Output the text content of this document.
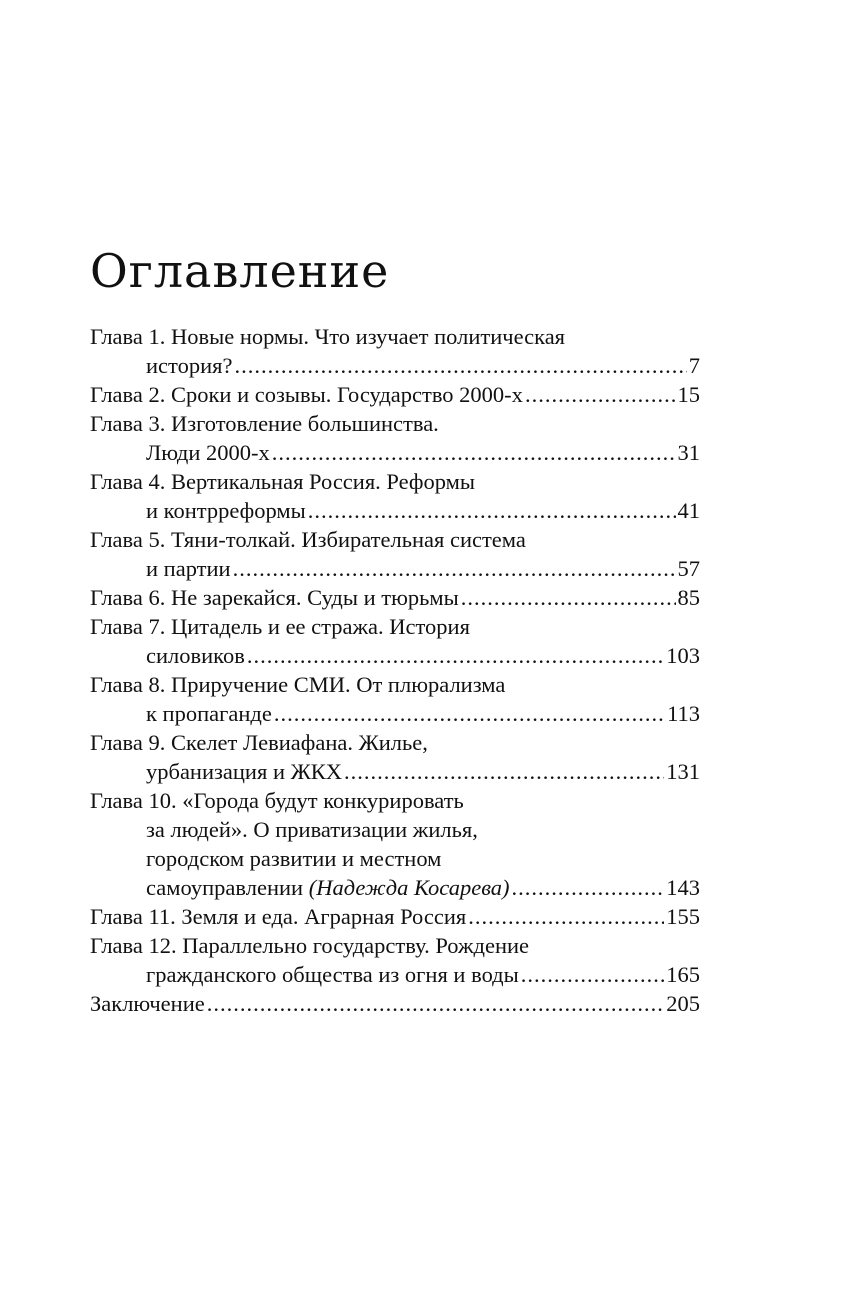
Оглавление
Глава 1. Новые нормы. Что изучает политическая
история? .....	7
Глава 2. Сроки и созывы. Государство 2000-х .....	15
Глава 3. Изготовление большинства.
Люди 2000-х .....	31
Глава 4. Вертикальная Россия. Реформы
и контрреформы .....	41
Глава 5. Тяни-толкай. Избирательная система
и партии .....	57
Глава 6. Не зарекайся. Суды и тюрьмы .....	85
Глава 7. Цитадель и ее стража. История
силовиков .....	103
Глава 8. Приручение СМИ. От плюрализма
к пропаганде .....	113
Глава 9. Скелет Левиафана. Жилье,
урбанизация и ЖКХ .....	131
Глава 10. «Города будут конкурировать
за людей». О приватизации жилья,
городском развитии и местном
самоуправлении (Надежда Косарева) .....	143
Глава 11. Земля и еда. Аграрная Россия .....	155
Глава 12. Параллельно государству. Рождение
гражданского общества из огня и воды .....	165
Заключение .....	205
